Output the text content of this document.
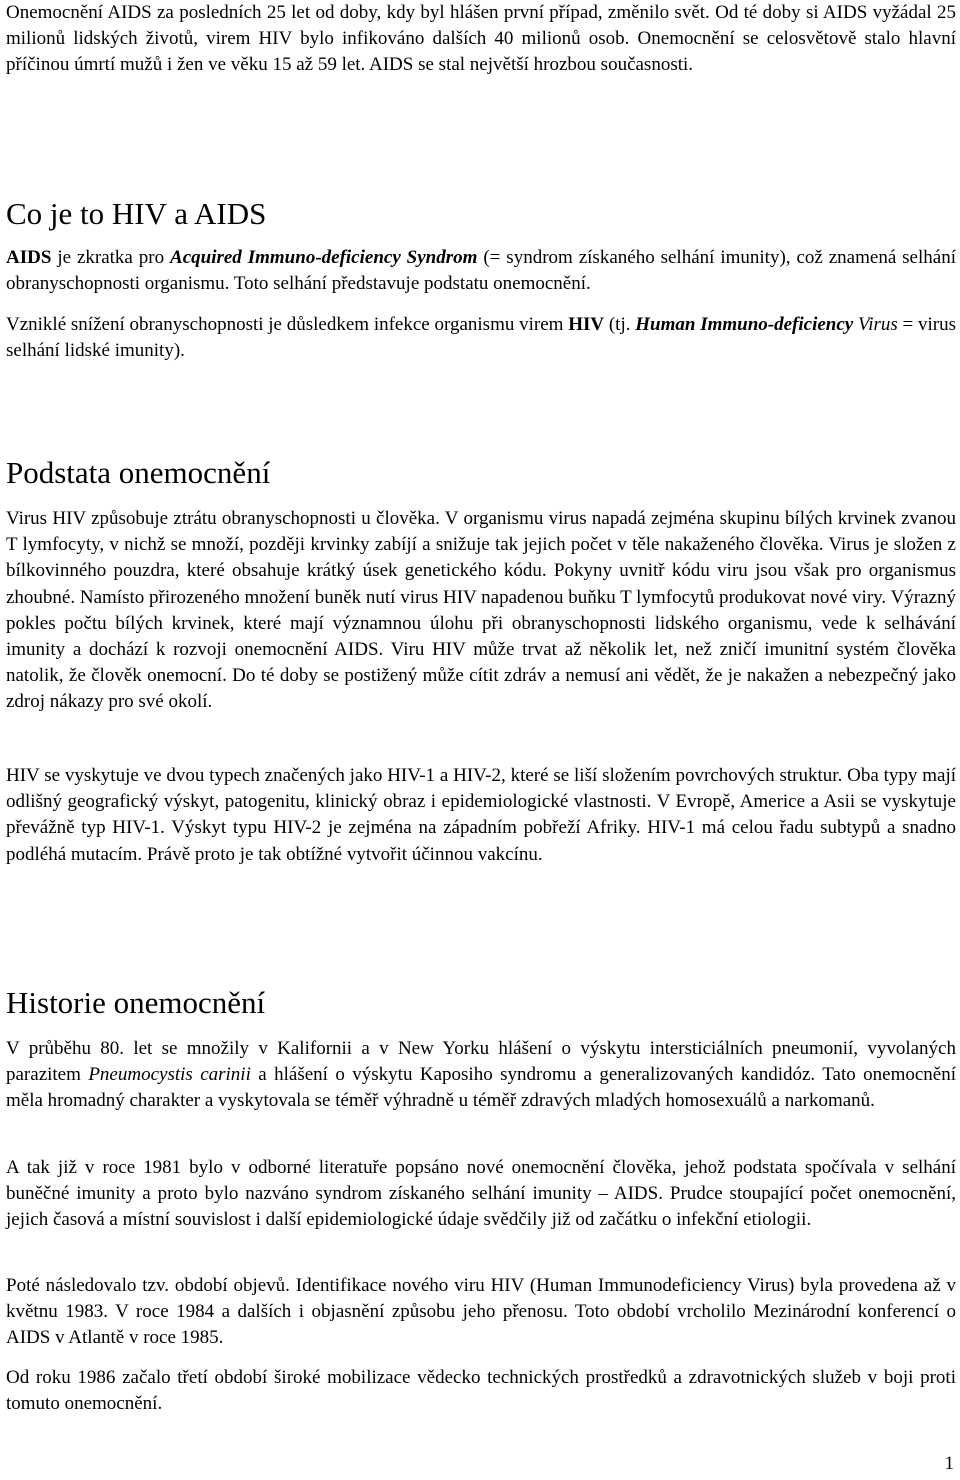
Onemocnění AIDS za posledních 25 let od doby, kdy byl hlášen první případ, změnilo svět. Od té doby si AIDS vyžádal 25 milionů lidských životů, virem HIV bylo infikováno dalších 40 milionů osob. Onemocnění se celosvětově stalo hlavní příčinou úmrtí mužů i žen ve věku 15 až 59 let. AIDS se stal největší hrozbou současnosti.

Co je to HIV a AIDS

AIDS je zkratka pro Acquired Immuno-deficiency Syndrom (= syndrom získaného selhání imunity), což znamená selhání obranyschopnosti organismu. Toto selhání představuje podstatu onemocnění.

Vzniklé snížení obranyschopnosti je důsledkem infekce organismu virem HIV (tj. Human Immuno-deficiency Virus = virus selhání lidské imunity).

Podstata onemocnění

Virus HIV způsobuje ztrátu obranyschopnosti u člověka. V organismu virus napadá zejména skupinu bílých krvinek zvanou T lymfocyty, v nichž se množí, později krvinky zabíjí a snižuje tak jejich počet v těle nakaženého člověka. Virus je složen z bílkovinného pouzdra, které obsahuje krátký úsek genetického kódu. Pokyny uvnitř kódu viru jsou však pro organismus zhoubné. Namísto přirozeného množení buněk nutí virus HIV napadenou buňku T lymfocytů produkovat nové viry. Výrazný pokles počtu bílých krvinek, které mají významnou úlohu při obranyschopnosti lidského organismu, vede k selhávání imunity a dochází k rozvoji onemocnění AIDS. Viru HIV může trvat až několik let, než zničí imunitní systém člověka natolik, že člověk onemocní. Do té doby se postižený může cítit zdráv a nemusí ani vědět, že je nakažen a nebezpečný jako zdroj nákazy pro své okolí.

HIV se vyskytuje ve dvou typech značených jako HIV-1 a HIV-2, které se liší složením povrchových struktur. Oba typy mají odlišný geografický výskyt, patogenitu, klinický obraz i epidemiologické vlastnosti. V Evropě, Americe a Asii se vyskytuje převážně typ HIV-1. Výskyt typu HIV-2 je zejména na západním pobřeží Afriky. HIV-1 má celou řadu subtypů a snadno podléhá mutacím. Právě proto je tak obtížné vytvořit účinnou vakcínu.

Historie onemocnění

V průběhu 80. let se množily v Kalifornii a v New Yorku hlášení o výskytu intersticiálních pneumonií, vyvolaných parazitem Pneumocystis carinii a hlášení o výskytu Kaposiho syndromu a generalizovaných kandidóz. Tato onemocnění měla hromadný charakter a vyskytovala se téměř výhradně u téměř zdravých mladých homosexuálů a narkomanů.

A tak již v roce 1981 bylo v odborné literatuře popsáno nové onemocnění člověka, jehož podstata spočívala v selhání buněčné imunity a proto bylo nazváno syndrom získaného selhání imunity – AIDS. Prudce stoupající počet onemocnění, jejich časová a místní souvislost i další epidemiologické údaje svědčily již od začátku o infekční etiologii.

Poté následovalo tzv. období objevů. Identifikace nového viru HIV (Human Immunodeficiency Virus) byla provedena až v květnu 1983. V roce 1984 a dalších i objasnění způsobu jeho přenosu. Toto období vrcholilo Mezinárodní konferencí o AIDS v Atlantě v roce 1985.

Od roku 1986 začalo třetí období široké mobilizace vědecko technických prostředků a zdravotnických služeb v boji proti tomuto onemocnění.

1
